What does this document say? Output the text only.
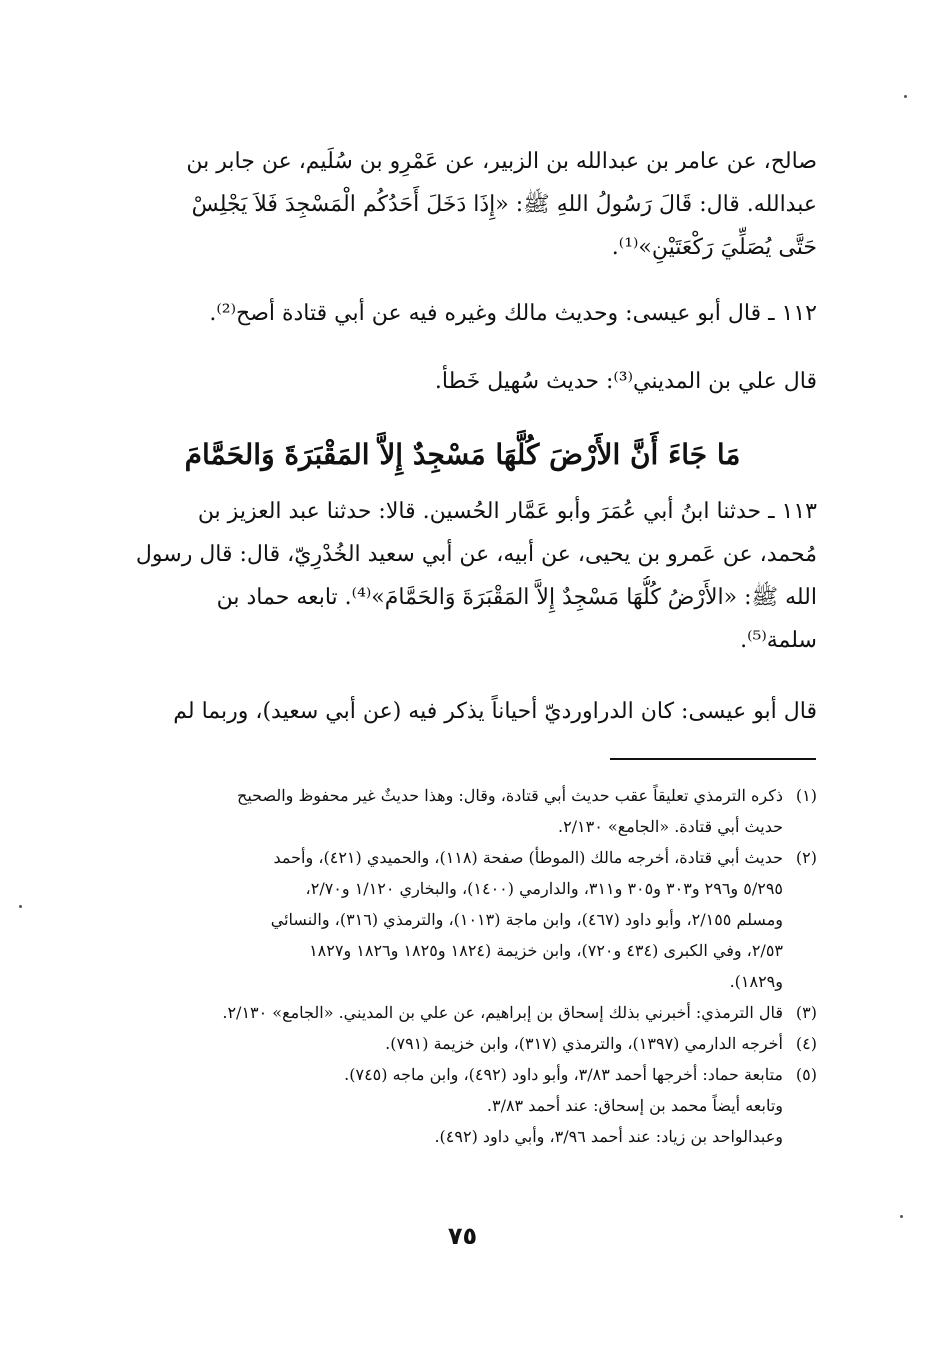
صالح، عن عامر بن عبدالله بن الزبير، عن عَمْرِو بن سُلَيم، عن جابر بن
عبدالله. قال: قَالَ رَسُولُ اللهِ ﷺ: «إِذَا دَخَلَ أَحَدُكُم الْمَسْجِدَ فَلاَ يَجْلِسْ
حَتَّى يُصَلِّيَ رَكْعَتَيْنِ»⁽¹⁾.
١١٢ ـ قال أبو عيسى: وحديث مالك وغيره فيه عن أبي قتادة أصح⁽²⁾.
قال علي بن المديني⁽³⁾: حديث سُهيل خَطأ.
مَا جَاءَ أَنَّ الأَرْضَ كُلَّهَا مَسْجِدٌ إِلاَّ المَقْبَرَةَ وَالحَمَّامَ
١١٣ ـ حدثنا ابنُ أبي عُمَرَ وأبو عَمَّار الحُسين. قالا: حدثنا عبد العزيز بن
مُحمد، عن عَمرو بن يحيى، عن أبيه، عن أبي سعيد الخُدْرِيّ، قال: قال رسول
الله ﷺ: «الأَرْضُ كُلُّهَا مَسْجِدٌ إِلاَّ المَقْبَرَةَ وَالحَمَّامَ»⁽⁴⁾. تابعه حماد بن
سلمة⁽⁵⁾.
قال أبو عيسى: كان الدراورديّ أحياناً يذكر فيه (عن أبي سعيد)، وربما لم
(١)ذكره الترمذي تعليقاً عقب حديث أبي قتادة، وقال: وهذا حديثٌ غير محفوظ والصحيح
حديث أبي قتادة. «الجامع» ٢/١٣٠.
(٢)حديث أبي قتادة، أخرجه مالك (الموطأ) صفحة (١١٨)، والحميدي (٤٢١)، وأحمد
٥/٢٩٥ و٢٩٦ و٣٠٣ و٣٠٥ و٣١١، والدارمي (١٤٠٠)، والبخاري ١/١٢٠ و٢/٧٠،
ومسلم ٢/١٥٥، وأبو داود (٤٦٧)، وابن ماجة (١٠١٣)، والترمذي (٣١٦)، والنسائي
٢/٥٣، وفي الكبرى (٤٣٤ و٧٢٠)، وابن خزيمة (١٨٢٤ و١٨٢٥ و١٨٢٦ و١٨٢٧
و١٨٢٩).
(٣)قال الترمذي: أخبرني بذلك إسحاق بن إبراهيم، عن علي بن المديني. «الجامع» ٢/١٣٠.
(٤)أخرجه الدارمي (١٣٩٧)، والترمذي (٣١٧)، وابن خزيمة (٧٩١).
(٥)متابعة حماد: أخرجها أحمد ٣/٨٣، وأبو داود (٤٩٢)، وابن ماجه (٧٤٥).
وتابعه أيضاً محمد بن إسحاق: عند أحمد ٣/٨٣.
وعبدالواحد بن زياد: عند أحمد ٣/٩٦، وأبي داود (٤٩٢).
٧٥
